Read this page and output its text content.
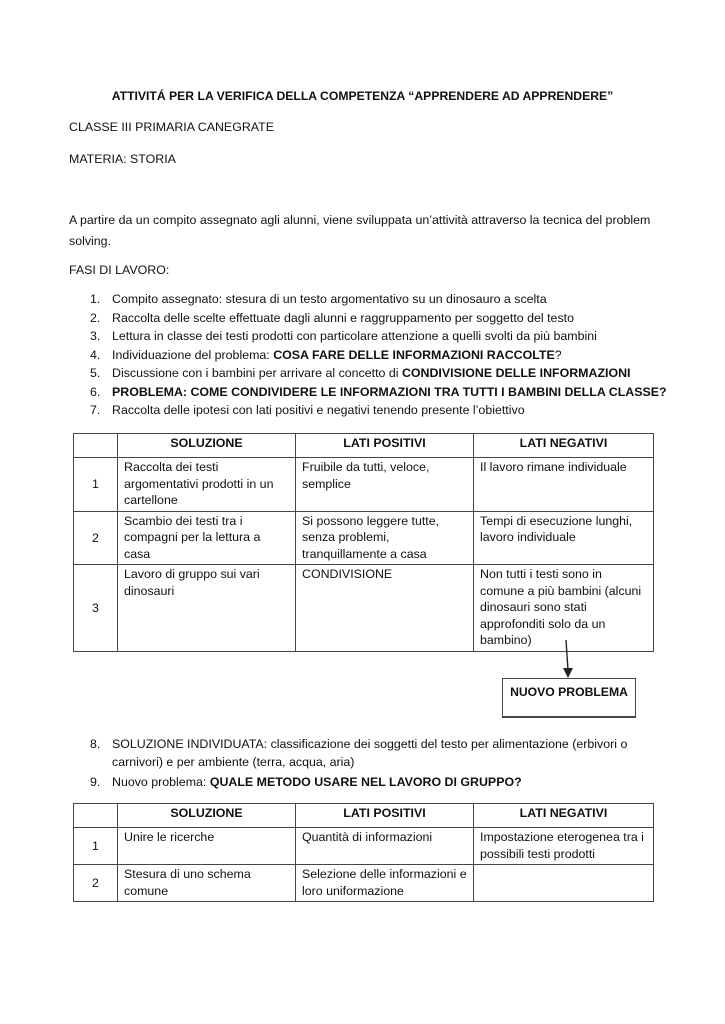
ATTIVITÁ PER LA VERIFICA DELLA COMPETENZA “APPRENDERE AD APPRENDERE”
CLASSE III PRIMARIA CANEGRATE
MATERIA: STORIA
A partire da un compito assegnato agli alunni, viene sviluppata un’attività attraverso la tecnica del problem solving.
FASI DI LAVORO:
1. Compito assegnato: stesura di un testo argomentativo su un dinosauro a scelta
2. Raccolta delle scelte effettuate dagli alunni e raggruppamento per soggetto del testo
3. Lettura in classe dei testi prodotti con particolare attenzione a quelli svolti da più bambini
4. Individuazione del problema: COSA FARE DELLE INFORMAZIONI RACCOLTE?
5. Discussione con i bambini per arrivare al concetto di CONDIVISIONE DELLE INFORMAZIONI
6. PROBLEMA: COME CONDIVIDERE LE INFORMAZIONI TRA TUTTI I BAMBINI DELLA CLASSE?
7. Raccolta delle ipotesi con lati positivi e negativi tenendo presente l’obiettivo
	SOLUZIONE	LATI POSITIVI	LATI NEGATIVI
1	Raccolta dei testi argomentativi prodotti in un cartellone	Fruibile da tutti, veloce, semplice	Il lavoro rimane individuale
2	Scambio dei testi tra i compagni per la lettura a casa	Si possono leggere tutte, senza problemi, tranquillamente a casa	Tempi di esecuzione lunghi, lavoro individuale
3	Lavoro di gruppo sui vari dinosauri	CONDIVISIONE	Non tutti i testi sono in comune a più bambini (alcuni dinosauri sono stati approfonditi solo da un bambino)
NUOVO PROBLEMA
8. SOLUZIONE INDIVIDUATA: classificazione dei soggetti del testo per alimentazione (erbivori o carnivori) e per ambiente (terra, acqua, aria)
9. Nuovo problema: QUALE METODO USARE NEL LAVORO DI GRUPPO?
	SOLUZIONE	LATI POSITIVI	LATI NEGATIVI
1	Unire le ricerche	Quantità di informazioni	Impostazione eterogenea tra i possibili testi prodotti
2	Stesura di uno schema comune	Selezione delle informazioni e loro uniformazione	
